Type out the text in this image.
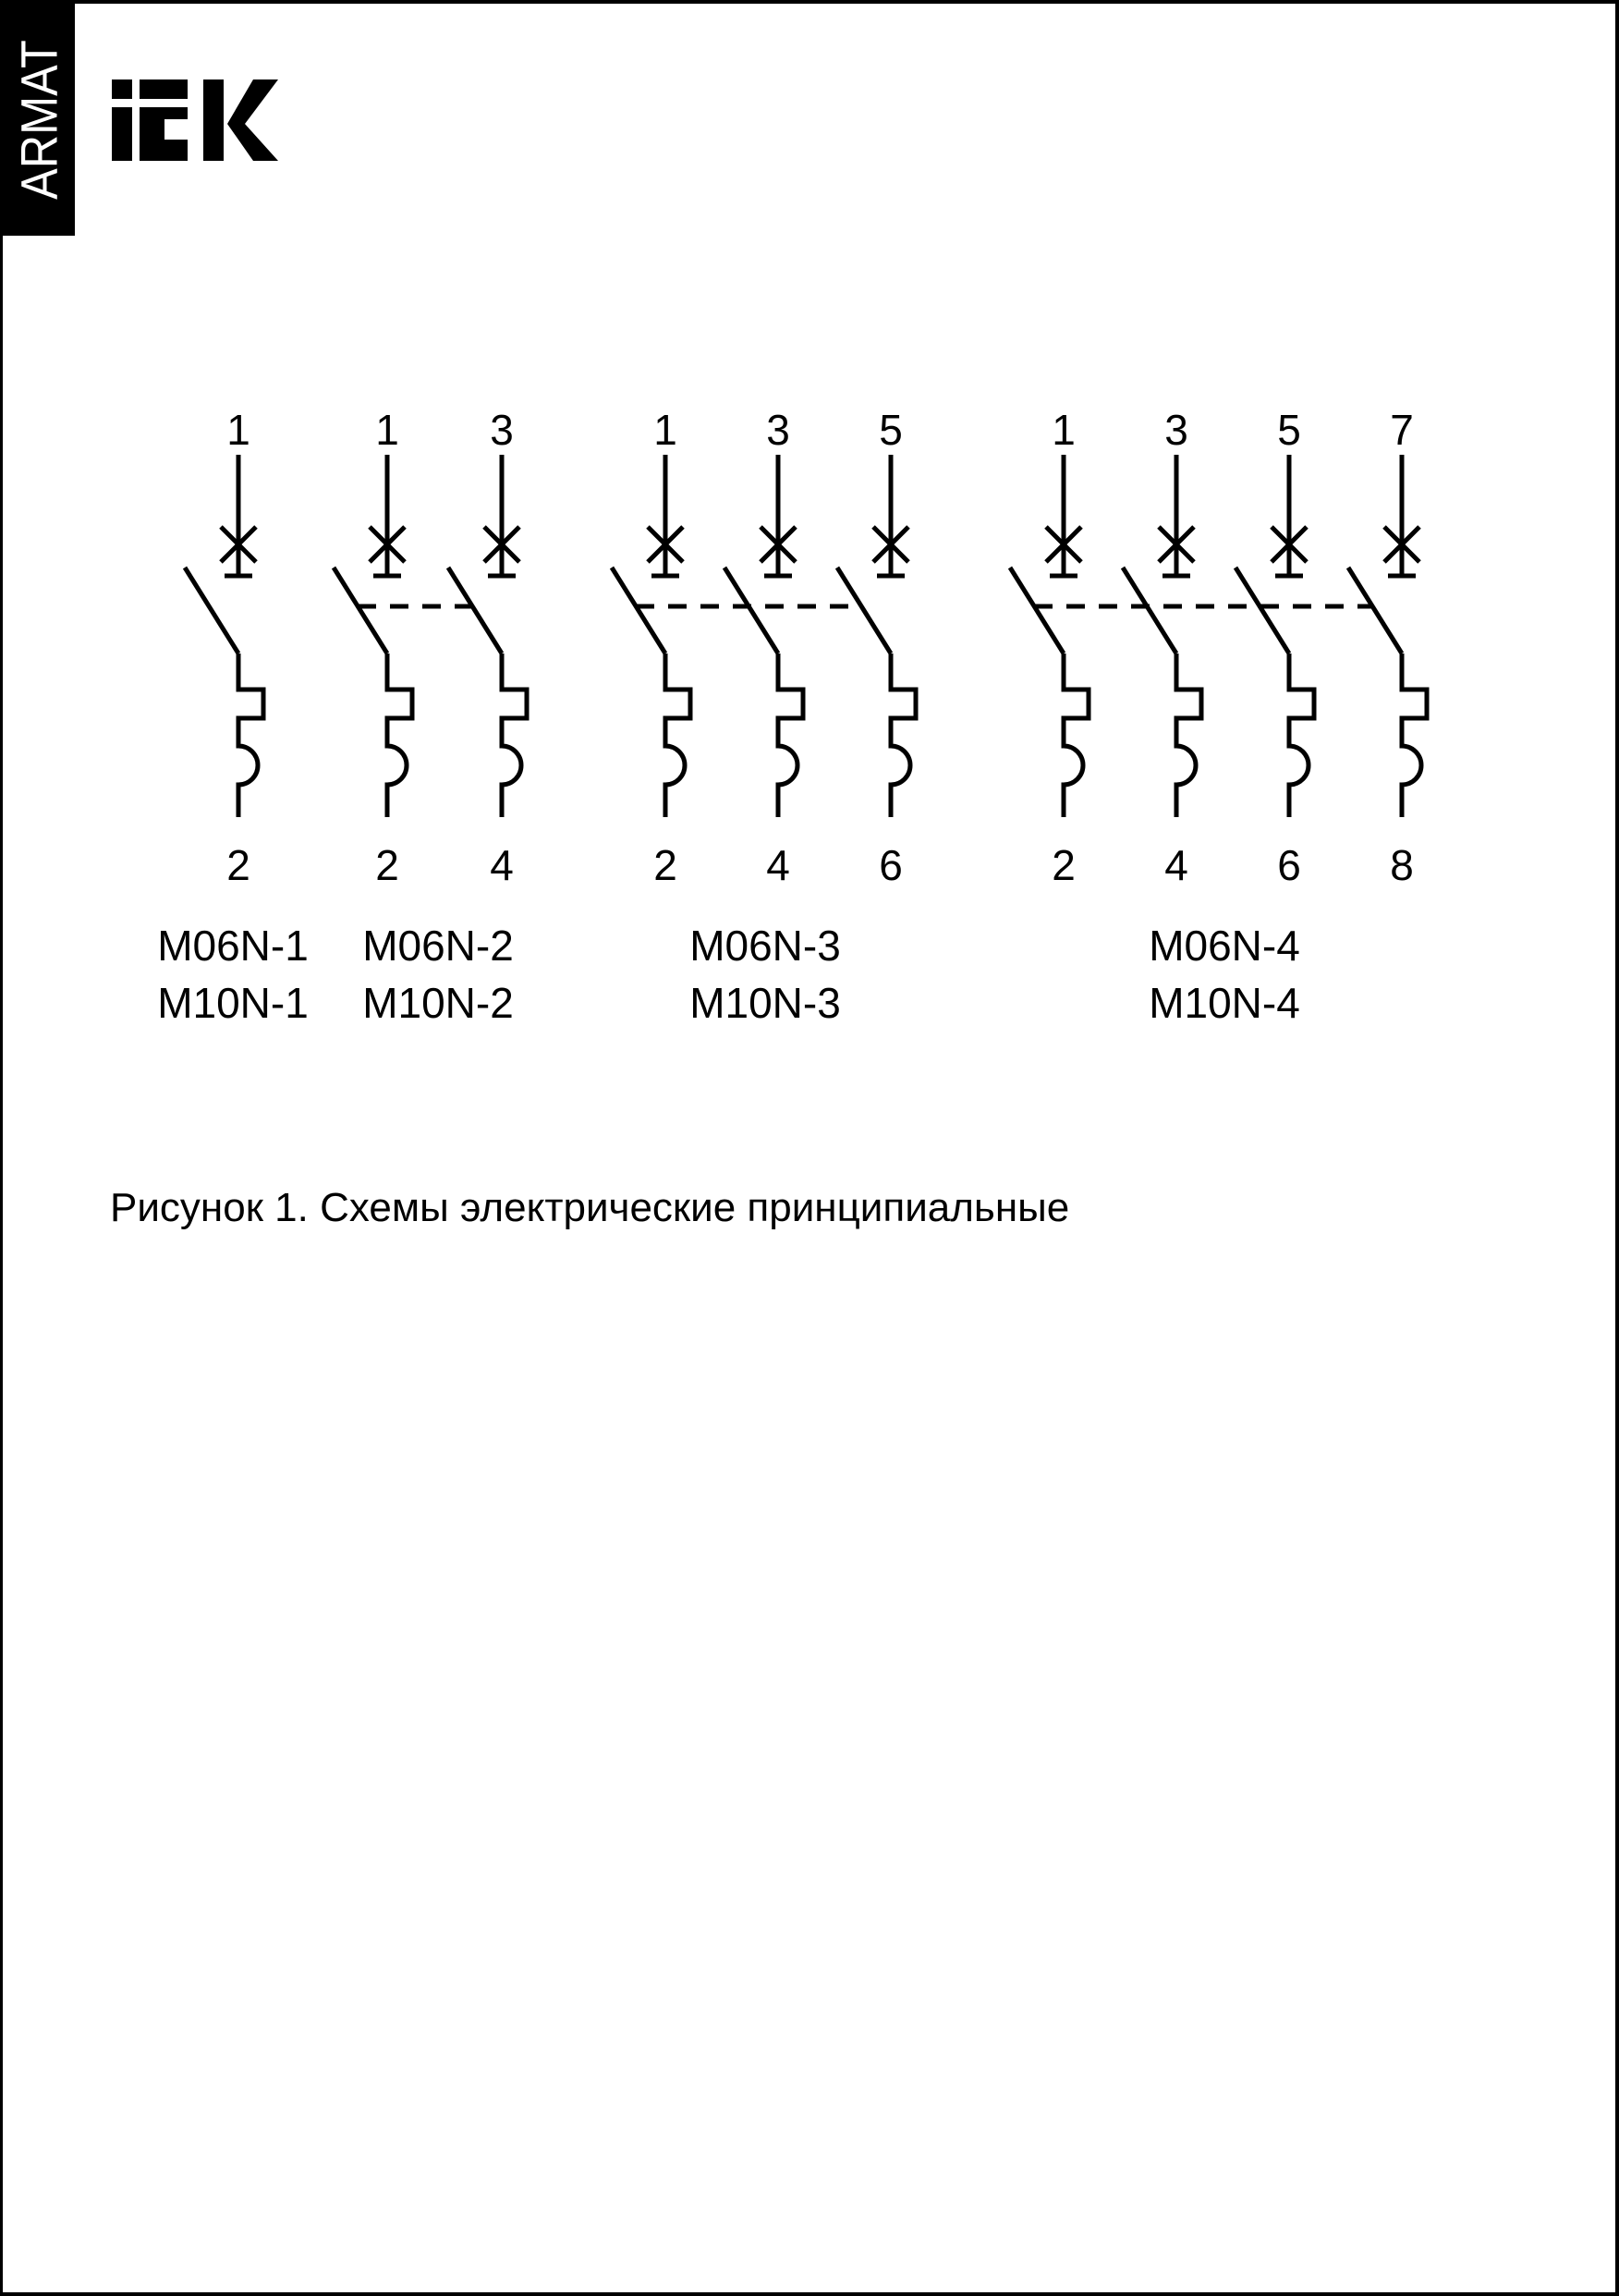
ARMAT
1
2
1
2
3
4
1
2
3
4
5
6
1
2
3
4
5
6
7
8
M06N-1
M10N-1
M06N-2
M10N-2
M06N-3
M10N-3
M06N-4
M10N-4
Рисунок 1. Схемы электрические принципиальные
